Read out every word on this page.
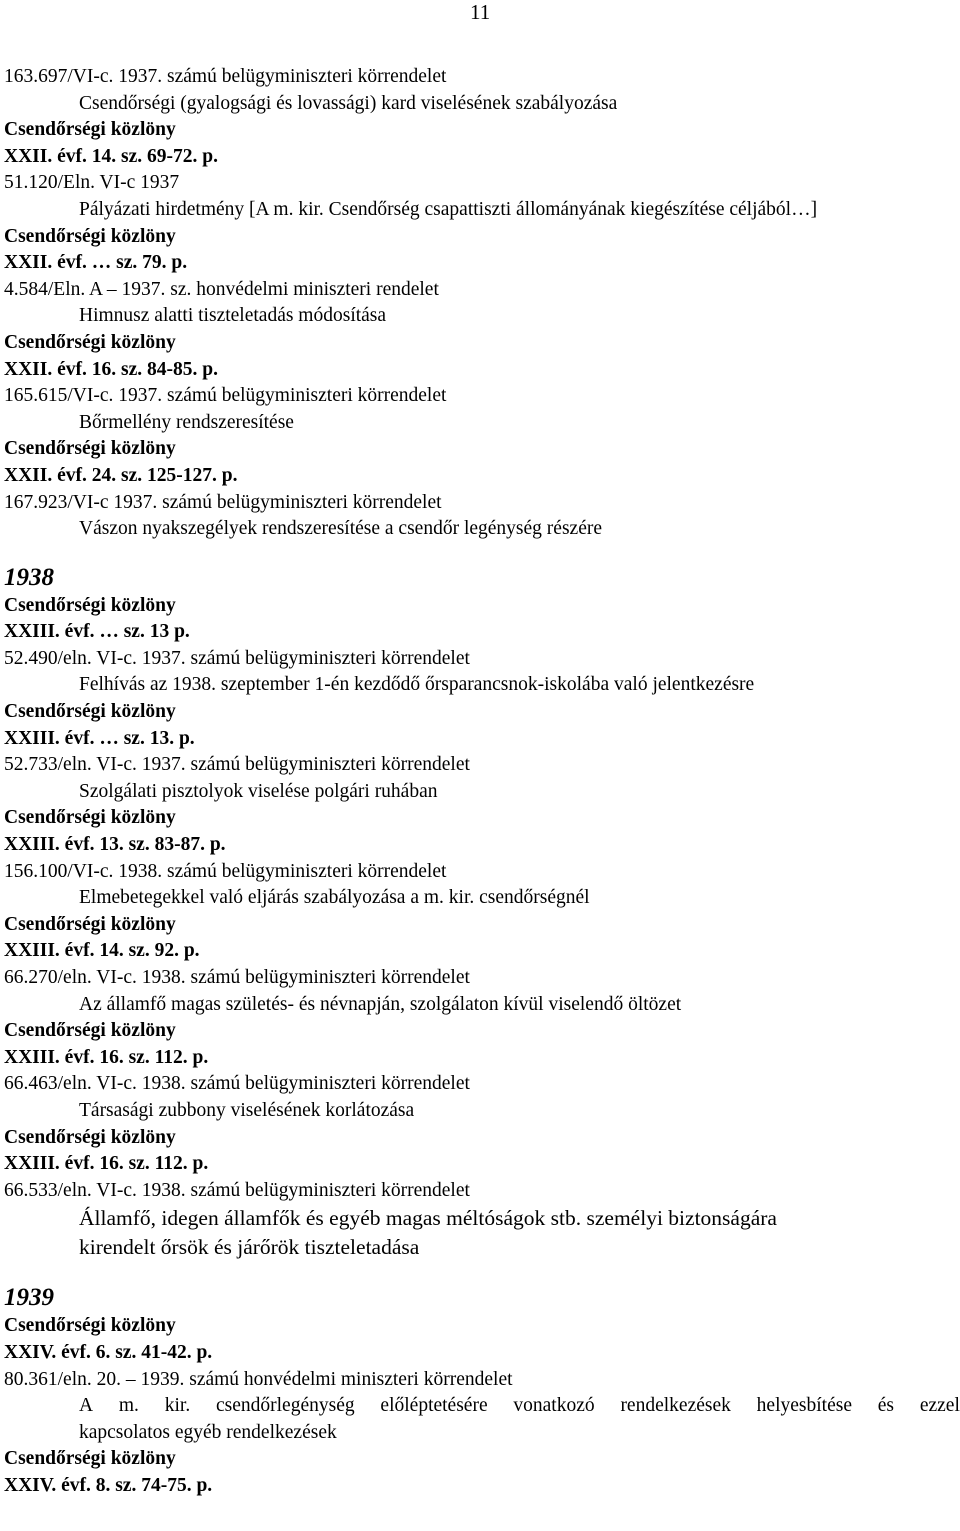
11
163.697/VI-c. 1937. számú belügyminiszteri körrendelet
Csendőrségi (gyalogsági és lovassági) kard viselésének szabályozása
Csendőrségi közlöny
XXII. évf. 14. sz. 69-72. p.
51.120/Eln. VI-c 1937
Pályázati hirdetmény [A m. kir. Csendőrség csapattiszti állományának kiegészítése céljából…]
Csendőrségi közlöny
XXII. évf. … sz. 79. p.
4.584/Eln. A – 1937. sz. honvédelmi miniszteri rendelet
Himnusz alatti tiszteletadás módosítása
Csendőrségi közlöny
XXII. évf. 16. sz. 84-85. p.
165.615/VI-c. 1937. számú belügyminiszteri körrendelet
Bőrmellény rendszeresítése
Csendőrségi közlöny
XXII. évf. 24. sz. 125-127. p.
167.923/VI-c 1937. számú belügyminiszteri körrendelet
Vászon nyakszegélyek rendszeresítése a csendőr legénység részére
1938
Csendőrségi közlöny
XXIII. évf. … sz. 13 p.
52.490/eln. VI-c. 1937. számú belügyminiszteri körrendelet
Felhívás az 1938. szeptember 1-én kezdődő őrsparancsnok-iskolába való jelentkezésre
Csendőrségi közlöny
XXIII. évf. … sz. 13. p.
52.733/eln. VI-c. 1937. számú belügyminiszteri körrendelet
Szolgálati pisztolyok viselése polgári ruhában
Csendőrségi közlöny
XXIII. évf. 13. sz. 83-87. p.
156.100/VI-c. 1938. számú belügyminiszteri körrendelet
Elmebetegekkel való eljárás szabályozása a m. kir. csendőrségnél
Csendőrségi közlöny
XXIII. évf. 14. sz. 92. p.
66.270/eln. VI-c. 1938. számú belügyminiszteri körrendelet
Az államfő magas születés- és névnapján, szolgálaton kívül viselendő öltözet
Csendőrségi közlöny
XXIII. évf. 16. sz. 112. p.
66.463/eln. VI-c. 1938. számú belügyminiszteri körrendelet
Társasági zubbony viselésének korlátozása
Csendőrségi közlöny
XXIII. évf. 16. sz. 112. p.
66.533/eln. VI-c. 1938. számú belügyminiszteri körrendelet
Államfő, idegen államfők és egyéb magas méltóságok stb. személyi biztonságára
kirendelt őrsök és járőrök tiszteletadása
1939
Csendőrségi közlöny
XXIV. évf. 6. sz. 41-42. p.
80.361/eln. 20. – 1939. számú honvédelmi miniszteri körrendelet
A m. kir. csendőrlegénység előléptetésére vonatkozó rendelkezések helyesbítése és ezzel
kapcsolatos egyéb rendelkezések
Csendőrségi közlöny
XXIV. évf. 8. sz. 74-75. p.
